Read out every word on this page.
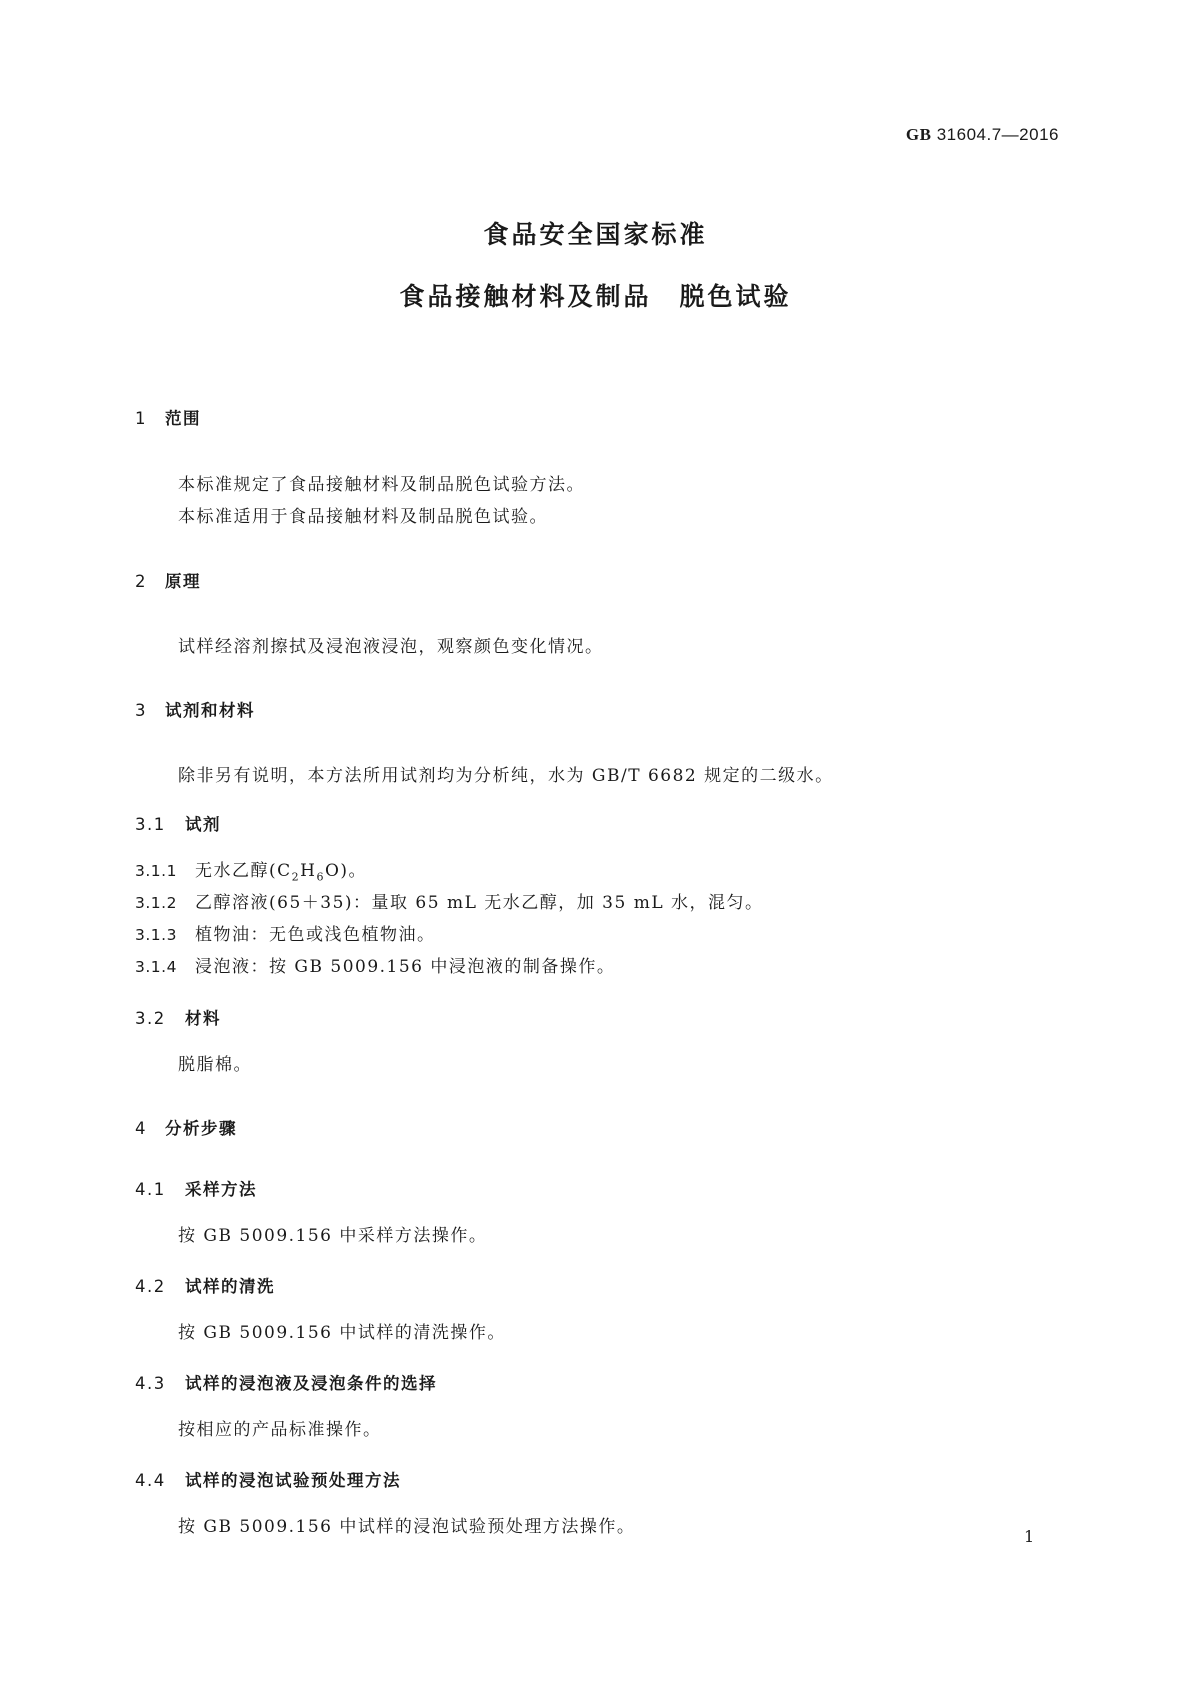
GB 31604.7—2016
食品安全国家标准
食品接触材料及制品　脱色试验
1 范围
本标准规定了食品接触材料及制品脱色试验方法。
本标准适用于食品接触材料及制品脱色试验。
2 原理
试样经溶剂擦拭及浸泡液浸泡，观察颜色变化情况。
3 试剂和材料
除非另有说明，本方法所用试剂均为分析纯，水为 GB/T 6682 规定的二级水。
3.1 试剂
3.1.1 无水乙醇$(C_2H_6O)$。
3.1.2 乙醇溶液(65＋35)：量取 65 mL 无水乙醇，加 35 mL 水，混匀。
3.1.3 植物油：无色或浅色植物油。
3.1.4 浸泡液：按 GB 5009.156 中浸泡液的制备操作。
3.2 材料
脱脂棉。
4 分析步骤
4.1 采样方法
按 GB 5009.156 中采样方法操作。
4.2 试样的清洗
按 GB 5009.156 中试样的清洗操作。
4.3 试样的浸泡液及浸泡条件的选择
按相应的产品标准操作。
4.4 试样的浸泡试验预处理方法
按 GB 5009.156 中试样的浸泡试验预处理方法操作。	1
